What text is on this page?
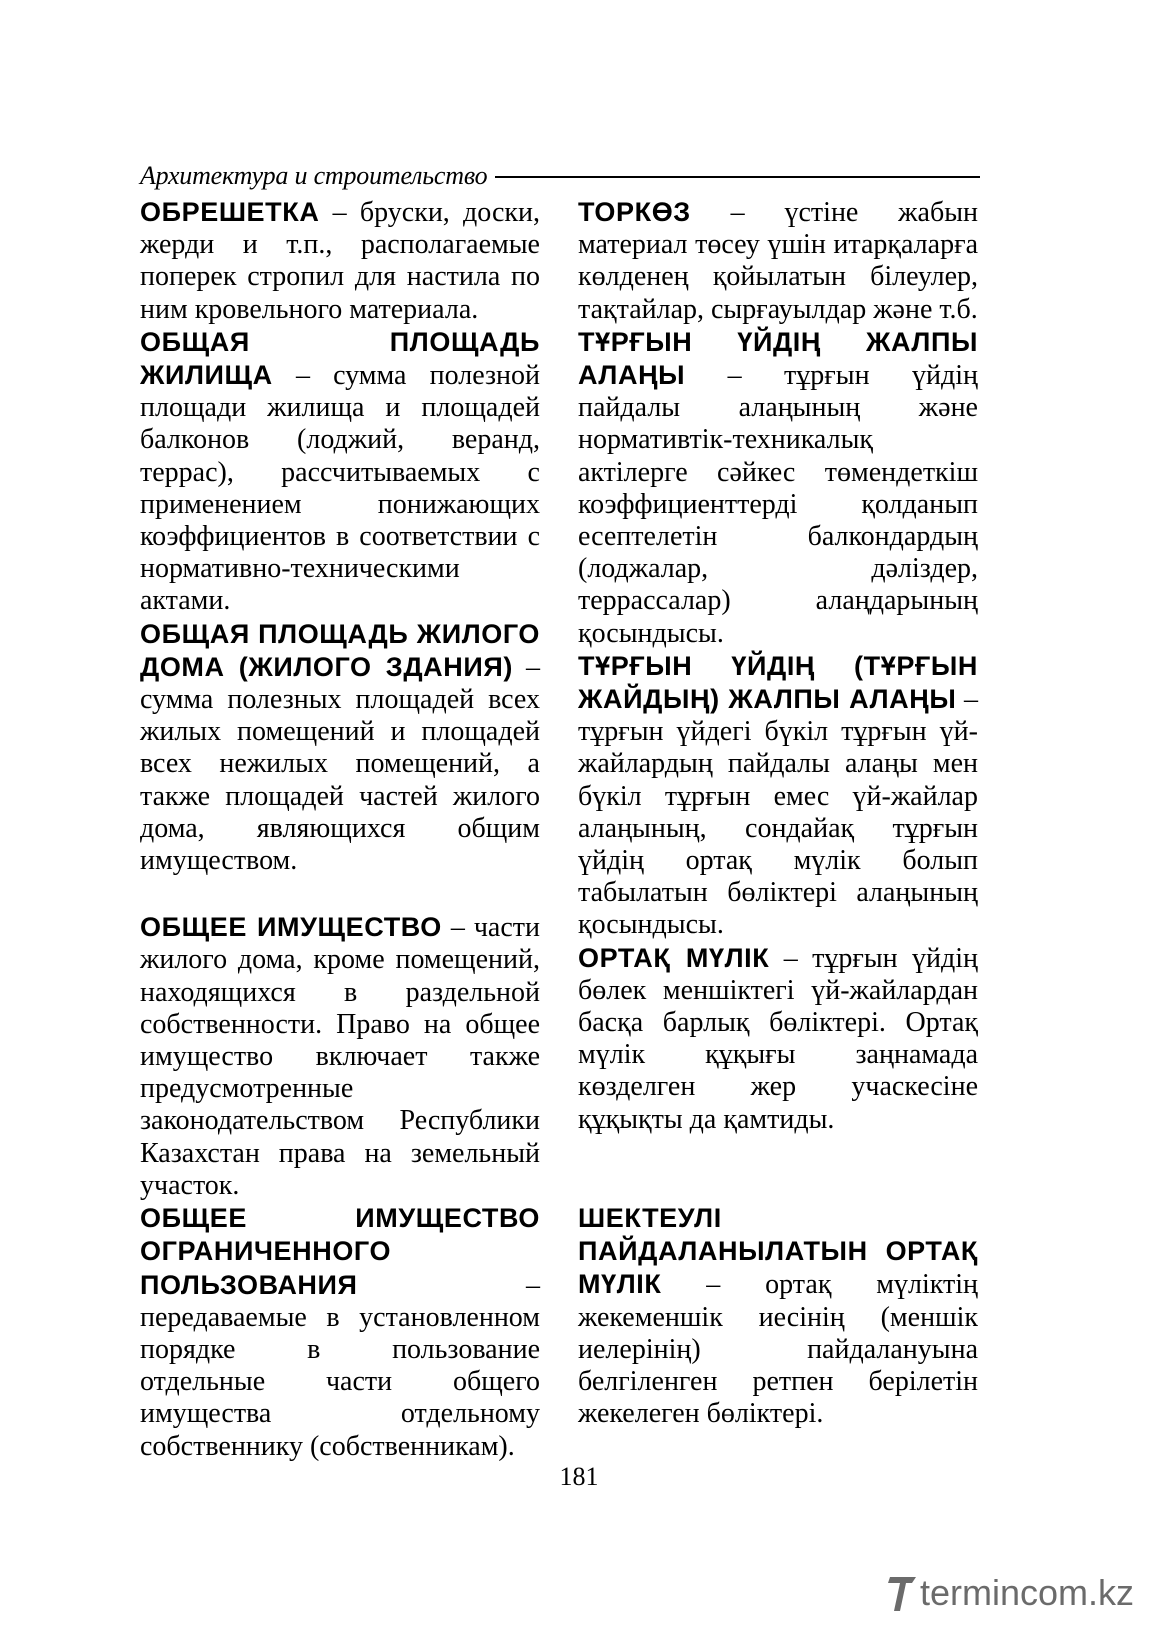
Архитектура и строительство

ОБРЕШЕТКА – бруски, доски, жерди и т.п., располагаемые поперек стропил для настила по ним кровельного материала.

ОБЩАЯ ПЛОЩАДЬ ЖИЛИЩА – сумма полезной площади жилища и площадей балконов (лоджий, веранд, террас), рассчитываемых с применением понижающих коэффициентов в соответствии с нормативно-техническими актами.

ОБЩАЯ ПЛОЩАДЬ ЖИЛОГО ДОМА (ЖИЛОГО ЗДАНИЯ) – сумма полезных площадей всех жилых помещений и площадей всех нежилых помещений, а также площадей частей жилого дома, являющихся общим имуществом.

ОБЩЕЕ ИМУЩЕСТВО – части жилого дома, кроме помещений, находящихся в раздельной собственности. Право на общее имущество включает также предусмотренные законодательством Республики Казахстан права на земельный участок.

ОБЩЕЕ ИМУЩЕСТВО ОГРАНИЧЕННОГО ПОЛЬЗОВАНИЯ – передаваемые в установленном порядке в пользование отдельные части общего имущества отдельному собственнику (собственникам).

ТОРКӨЗ – үстіне жабын материал төсеу үшін итарқаларға көлденең қойылатын білеулер, тақтайлар, сырғауылдар және т.б.

ТҰРҒЫН ҮЙДІҢ ЖАЛПЫ АЛАҢЫ – тұрғын үйдің пайдалы алаңының және нормативтік-техникалық актілерге сәйкес төмендеткіш коэффициенттерді қолданып есептелетін балкондардың (лоджалар, дәліздер, террассалар) алаңдарының қосындысы.

ТҰРҒЫН ҮЙДІҢ (ТҰРҒЫН ЖАЙДЫҢ) ЖАЛПЫ АЛАҢЫ – тұрғын үйдегі бүкіл тұрғын үй-жайлардың пайдалы алаңы мен бүкіл тұрғын емес үй-жайлар алаңының, сондайақ тұрғын үйдің ортақ мүлік болып табылатын бөліктері алаңының қосындысы.

ОРТАҚ МҮЛІК – тұрғын үйдің бөлек меншіктегі үй-жайлардан басқа барлық бөліктері. Ортақ мүлік құқығы заңнамада көзделген жер учаскесіне құқықты да қамтиды.

ШЕКТЕУЛІ ПАЙДАЛАНЫЛАТЫН ОРТАҚ МҮЛІК – ортақ мүліктің жекеменшік иесінің (меншік иелерінің) пайдалануына белгіленген ретпен берілетін жекелеген бөліктері.

181
termincom.kz
